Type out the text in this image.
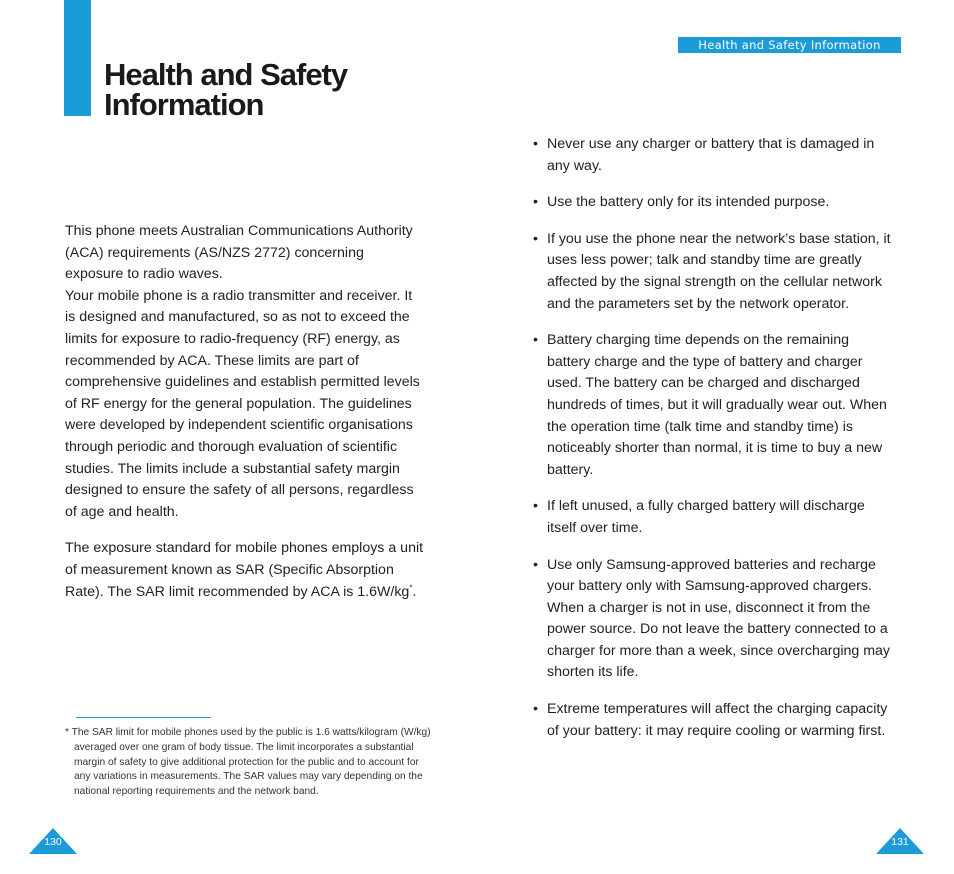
Health and Safety Information
Health and Safety Information

This phone meets Australian Communications Authority (ACA) requirements (AS/NZS 2772) concerning exposure to radio waves.

Your mobile phone is a radio transmitter and receiver. It is designed and manufactured, so as not to exceed the limits for exposure to radio-frequency (RF) energy, as recommended by ACA. These limits are part of comprehensive guidelines and establish permitted levels of RF energy for the general population. The guidelines were developed by independent scientific organisations through periodic and thorough evaluation of scientific studies. The limits include a substantial safety margin designed to ensure the safety of all persons, regardless of age and health.

The exposure standard for mobile phones employs a unit of measurement known as SAR (Specific Absorption Rate). The SAR limit recommended by ACA is 1.6W/kg*.

* The SAR limit for mobile phones used by the public is 1.6 watts/kilogram (W/kg) averaged over one gram of body tissue. The limit incorporates a substantial margin of safety to give additional protection for the public and to account for any variations in measurements. The SAR values may vary depending on the national reporting requirements and the network band.

• Never use any charger or battery that is damaged in any way.
• Use the battery only for its intended purpose.
• If you use the phone near the network’s base station, it uses less power; talk and standby time are greatly affected by the signal strength on the cellular network and the parameters set by the network operator.
• Battery charging time depends on the remaining battery charge and the type of battery and charger used. The battery can be charged and discharged hundreds of times, but it will gradually wear out. When the operation time (talk time and standby time) is noticeably shorter than normal, it is time to buy a new battery.
• If left unused, a fully charged battery will discharge itself over time.
• Use only Samsung-approved batteries and recharge your battery only with Samsung-approved chargers. When a charger is not in use, disconnect it from the power source. Do not leave the battery connected to a charger for more than a week, since overcharging may shorten its life.
• Extreme temperatures will affect the charging capacity of your battery: it may require cooling or warming first.
130	131
